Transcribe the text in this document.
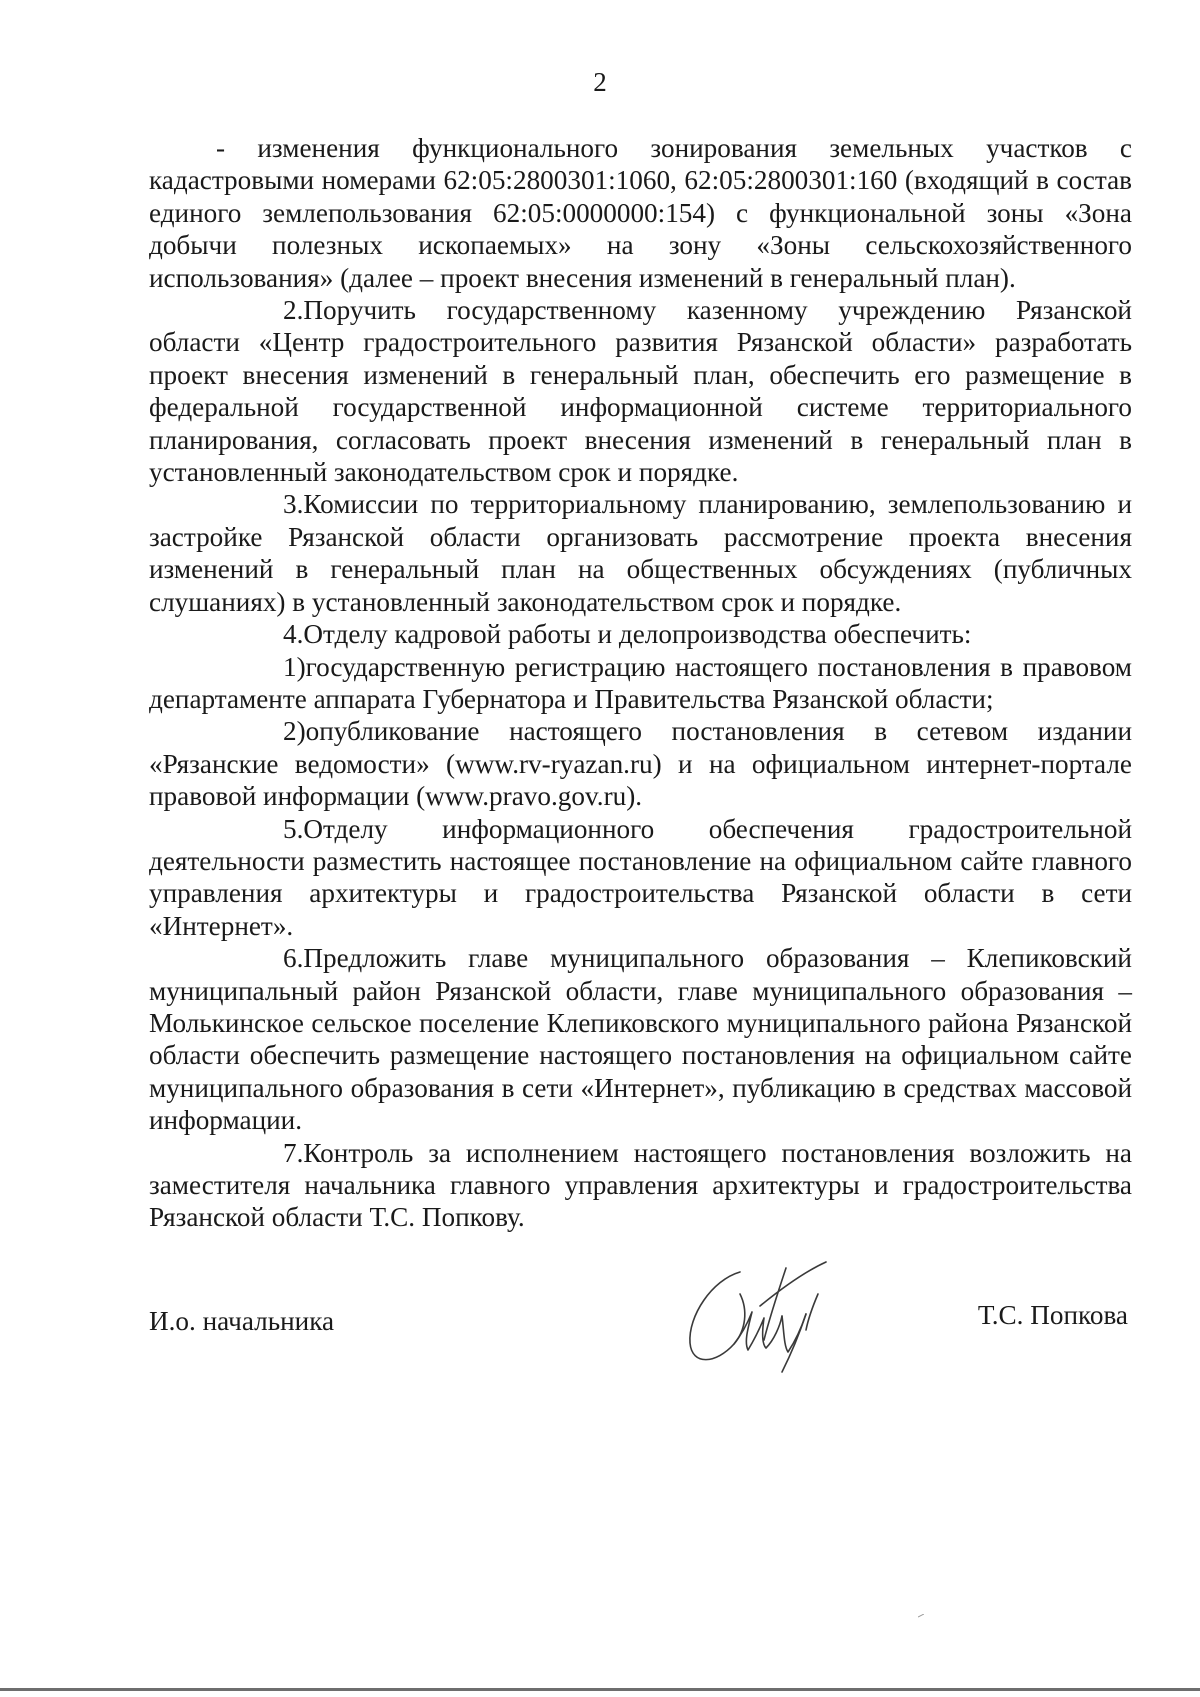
2

- изменения функционального зонирования земельных участков с кадастровыми номерами 62:05:2800301:1060, 62:05:2800301:160 (входящий в состав единого землепользования 62:05:0000000:154) с функциональной зоны «Зона добычи полезных ископаемых» на зону «Зоны сельскохозяйственного использования» (далее – проект внесения изменений в генеральный план).

2.Поручить государственному казенному учреждению Рязанской области «Центр градостроительного развития Рязанской области» разработать проект внесения изменений в генеральный план, обеспечить его размещение в федеральной государственной информационной системе территориального планирования, согласовать проект внесения изменений в генеральный план в установленный законодательством срок и порядке.

3.Комиссии по территориальному планированию, землепользованию и застройке Рязанской области организовать рассмотрение проекта внесения изменений в генеральный план на общественных обсуждениях (публичных слушаниях) в установленный законодательством срок и порядке.

4.Отделу кадровой работы и делопроизводства обеспечить:

1)государственную регистрацию настоящего постановления в правовом департаменте аппарата Губернатора и Правительства Рязанской области;

2)опубликование настоящего постановления в сетевом издании «Рязанские ведомости» (www.rv-ryazan.ru) и на официальном интернет-портале правовой информации (www.pravo.gov.ru).

5.Отделу информационного обеспечения градостроительной деятельности разместить настоящее постановление на официальном сайте главного управления архитектуры и градостроительства Рязанской области в сети «Интернет».

6.Предложить главе муниципального образования – Клепиковский муниципальный район Рязанской области, главе муниципального образования – Молькинское сельское поселение Клепиковского муниципального района Рязанской области обеспечить размещение настоящего постановления на официальном сайте муниципального образования в сети «Интернет», публикацию в средствах массовой информации.

7.Контроль за исполнением настоящего постановления возложить на заместителя начальника главного управления архитектуры и градостроительства Рязанской области Т.С. Попкову.

И.о. начальника	Т.С. Попкова
